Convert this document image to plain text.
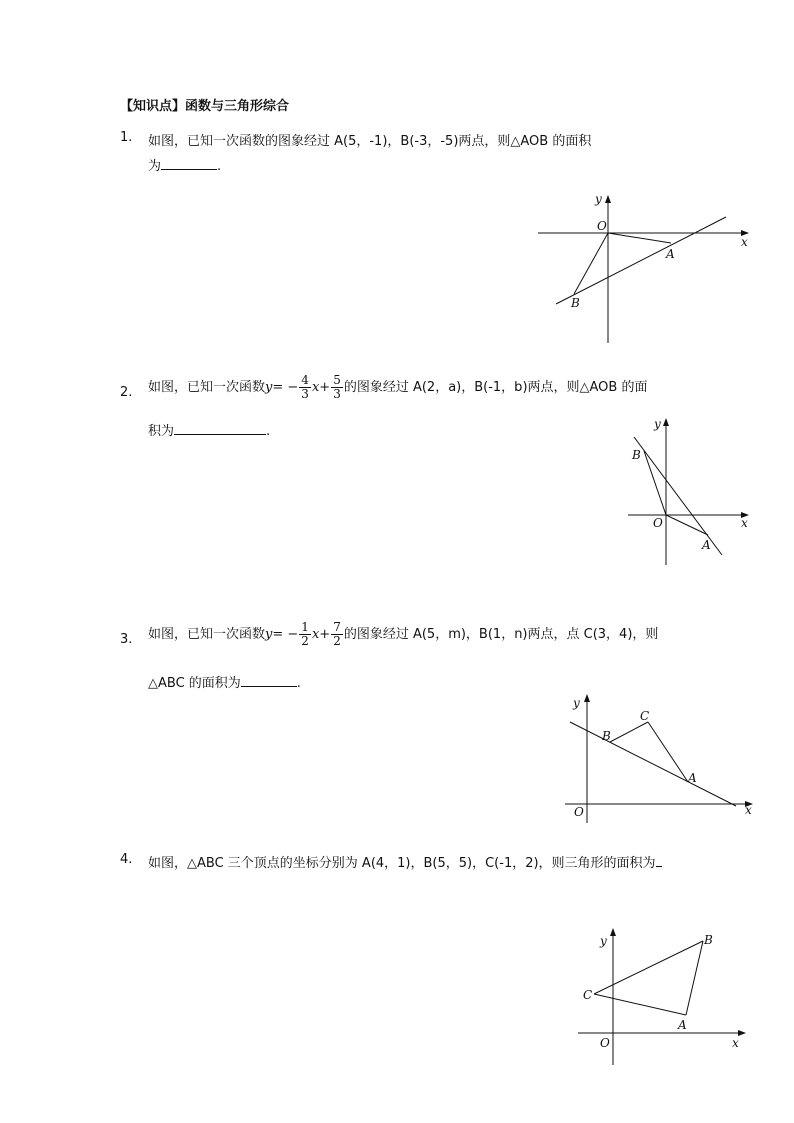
【知识点】函数与三角形综合
1. 如图，已知一次函数的图象经过 A(5，-1)，B(-3，-5)两点，则△AOB 的面积
为	.
x
y
O
A
B
2. 如图，已知一次函数$y= - \frac{4}{3} x+ \frac{5}{3}$ 的图象经过 A(2，a)，B(-1，b)两点，则△AOB 的面
积为	.
x
y
O
A
B
3. 如图，已知一次函数$y= - \frac{1}{2} x+ \frac{7}{2}$ 的图象经过 A(5，m)，B(1，n)两点，点 C(3，4)，则
△ABC 的面积为	.
x
y
O
A
B
C
4. 如图，△ABC 三个顶点的坐标分别为 A(4，1)，B(5，5)，C(-1，2)，则三角形的面积为
x
y
O
A
B
C
